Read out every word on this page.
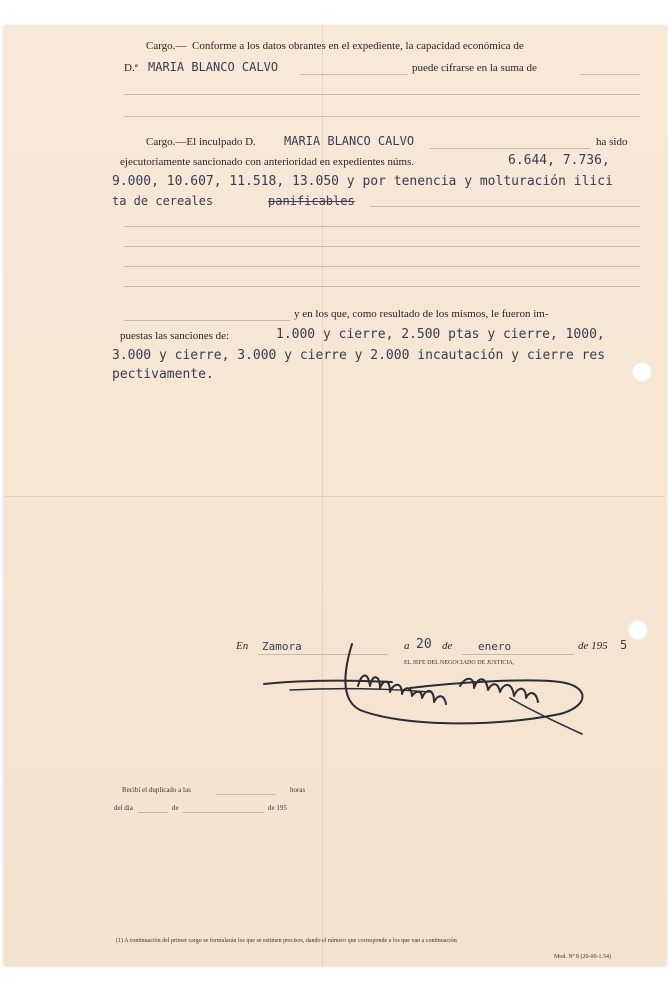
Cargo.— Conforme a los datos obrantes en el expediente, la capacidad económica de
D.ª MARIA BLANCO CALVO	puede cifrarse en la suma de
Cargo.—El inculpado D. MARIA BLANCO CALVO	ha sido
ejecutoriamente sancionado con anterioridad en expedientes núms.	6.644, 7.736,
9.000, 10.607, 11.518, 13.050 y por tenencia y molturación ilici
ta de cereales	panificables
y en los que, como resultado de los mismos, le fueron im-
puestas las sanciones de:	1.000 y cierre, 2.500 ptas y cierre, 1000,
3.000 y cierre, 3.000 y cierre y 2.000 incautación y cierre res
pectivamente.
En Zamora	a 20 de enero	de 195 5
EL JEFE DEL NEGOCIADO DE JUSTICIA,
Recibí el duplicado a las	horas
del día	de	de 195
(1) A continuación del primer cargo se formularán los que se estimen precisos, dando el número que corresponde a los que van a continuación
Mod. Nº 8 (20-00-1.54)
